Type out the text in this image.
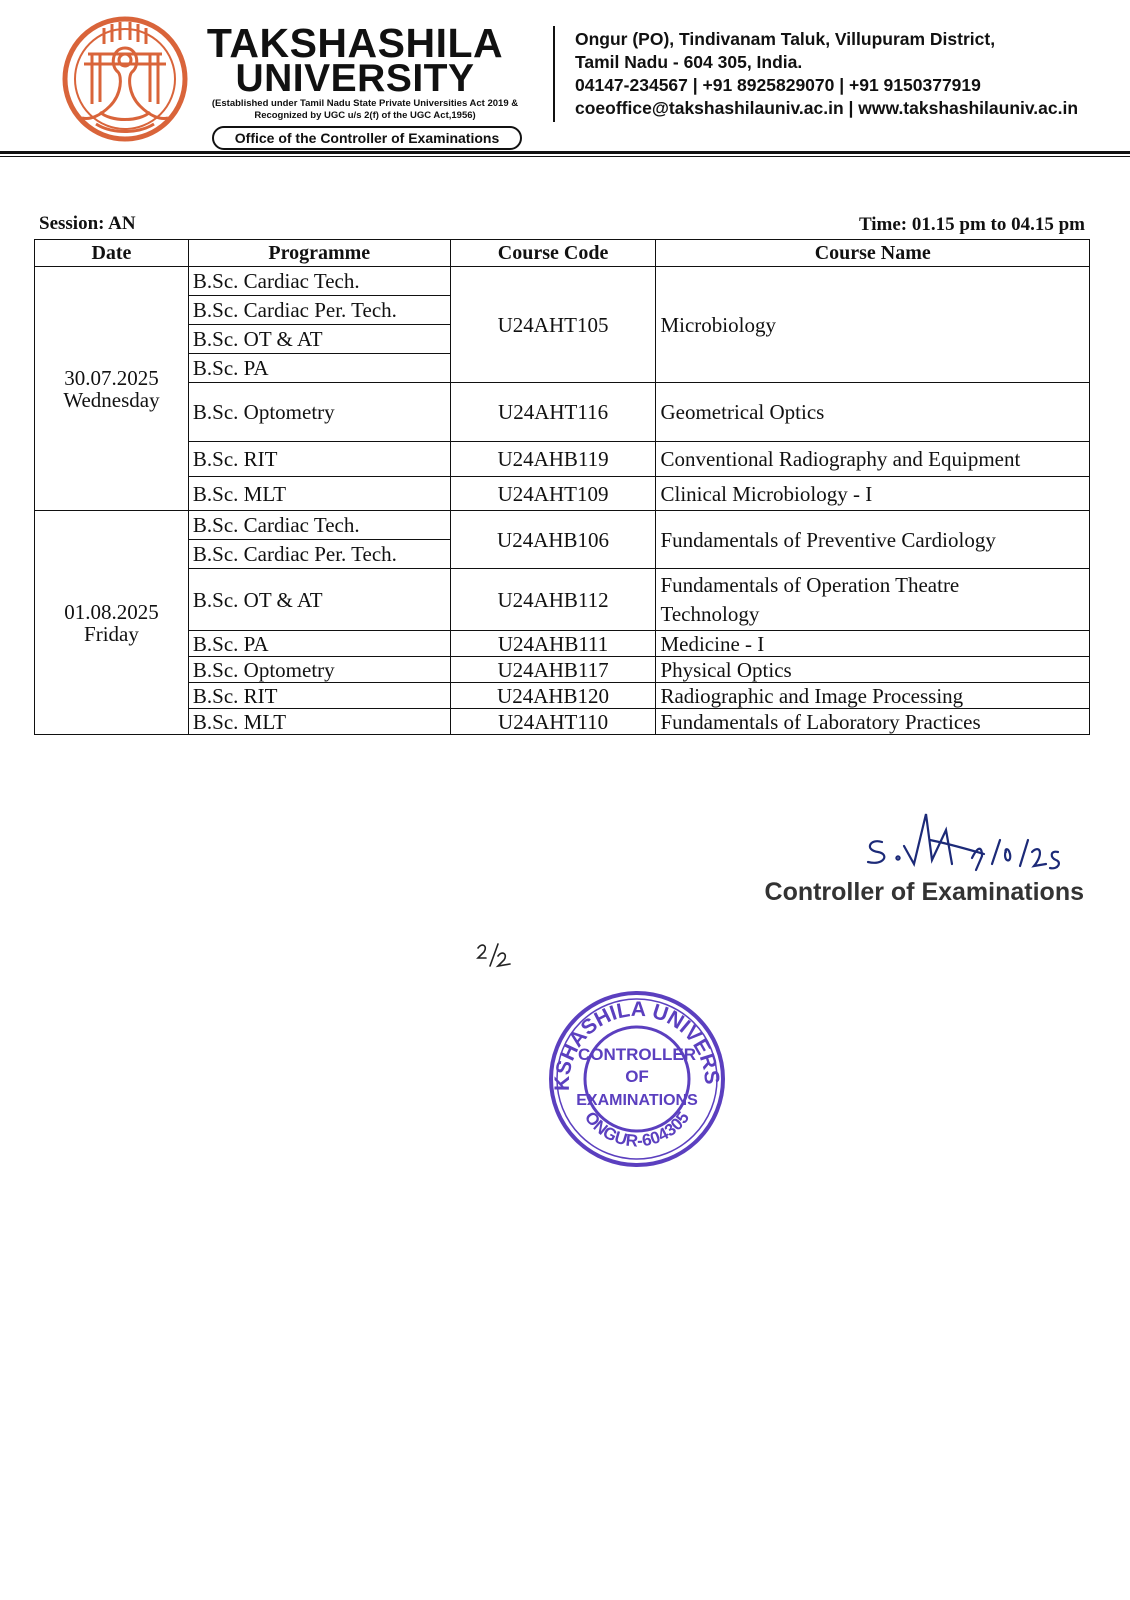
TAKSHASHILA
UNIVERSITY
(Established under Tamil Nadu State Private Universities Act 2019 &
Recognized by UGC u/s 2(f) of the UGC Act,1956)
Office of the Controller of Examinations
Ongur (PO), Tindivanam Taluk, Villupuram District,
Tamil Nadu - 604 305, India.
04147-234567 | +91 8925829070 | +91 9150377919
coeoffice@takshashilauniv.ac.in | www.takshashilauniv.ac.in
Session: AN	Time: 01.15 pm to 04.15 pm
Date	Programme	Course Code	Course Name

30.07.2025
Wednesday	B.Sc. Cardiac Tech.	U24AHT105	Microbiology
	B.Sc. Cardiac Per. Tech.		
	B.Sc. OT & AT		
	B.Sc. PA		
	B.Sc. Optometry	U24AHT116	Geometrical Optics
	B.Sc. RIT	U24AHB119	Conventional Radiography and Equipment
	B.Sc. MLT	U24AHT109	Clinical Microbiology - I

01.08.2025
Friday	B.Sc. Cardiac Tech.	U24AHB106	Fundamentals of Preventive Cardiology
	B.Sc. Cardiac Per. Tech.		
	B.Sc. OT & AT	U24AHB112	Fundamentals of Operation Theatre
Technology

	B.Sc. PA	U24AHB111	Medicine - I
	B.Sc. Optometry	U24AHB117	Physical Optics
	B.Sc. RIT	U24AHB120	Radiographic and Image Processing
	B.Sc. MLT	U24AHT110	Fundamentals of Laboratory Practices
Controller of Examinations
KSHASHILA UNIVERS
ONGUR-604305
CONTROLLER
OF
EXAMINATIONS
